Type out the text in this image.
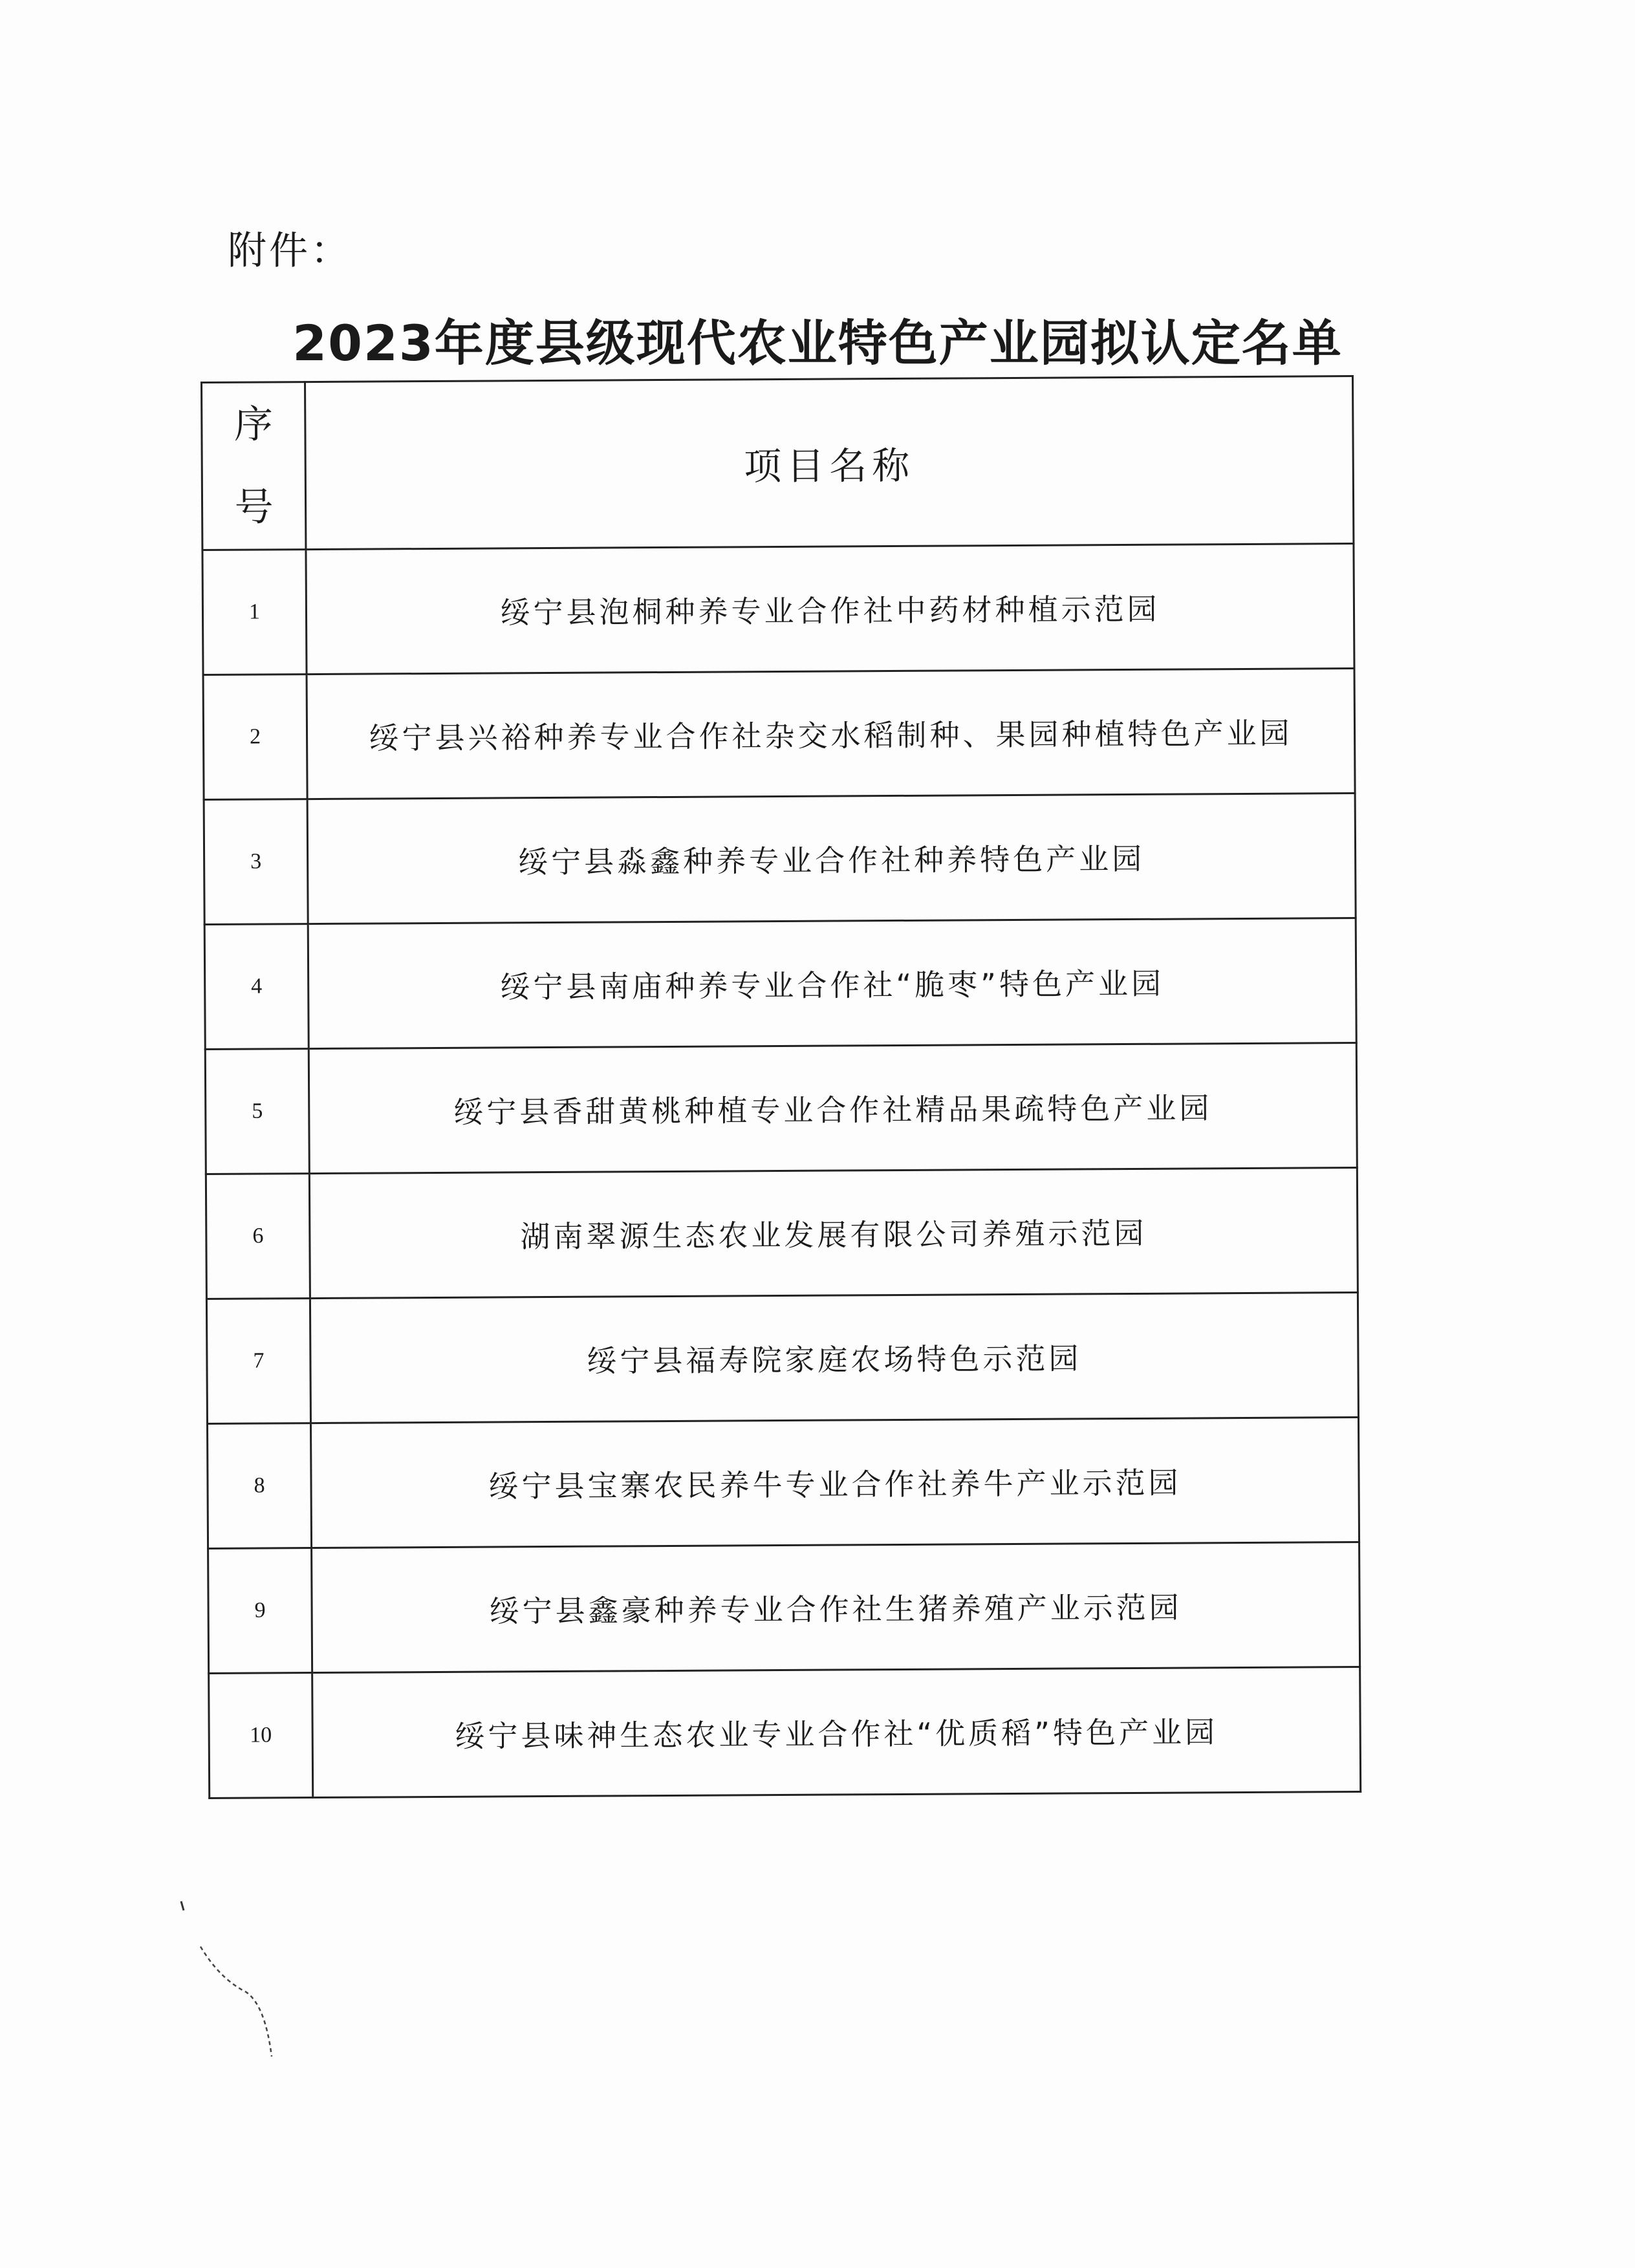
附件：
2023年度县级现代农业特色产业园拟认定名单
序
号	项目名称
1	绥宁县泡桐种养专业合作社中药材种植示范园
2	绥宁县兴裕种养专业合作社杂交水稻制种、果园种植特色产业园
3	绥宁县淼鑫种养专业合作社种养特色产业园
4	绥宁县南庙种养专业合作社“脆枣”特色产业园
5	绥宁县香甜黄桃种植专业合作社精品果疏特色产业园
6	湖南翠源生态农业发展有限公司养殖示范园
7	绥宁县福寿院家庭农场特色示范园
8	绥宁县宝寨农民养牛专业合作社养牛产业示范园
9	绥宁县鑫豪种养专业合作社生猪养殖产业示范园
10	绥宁县味神生态农业专业合作社“优质稻”特色产业园
